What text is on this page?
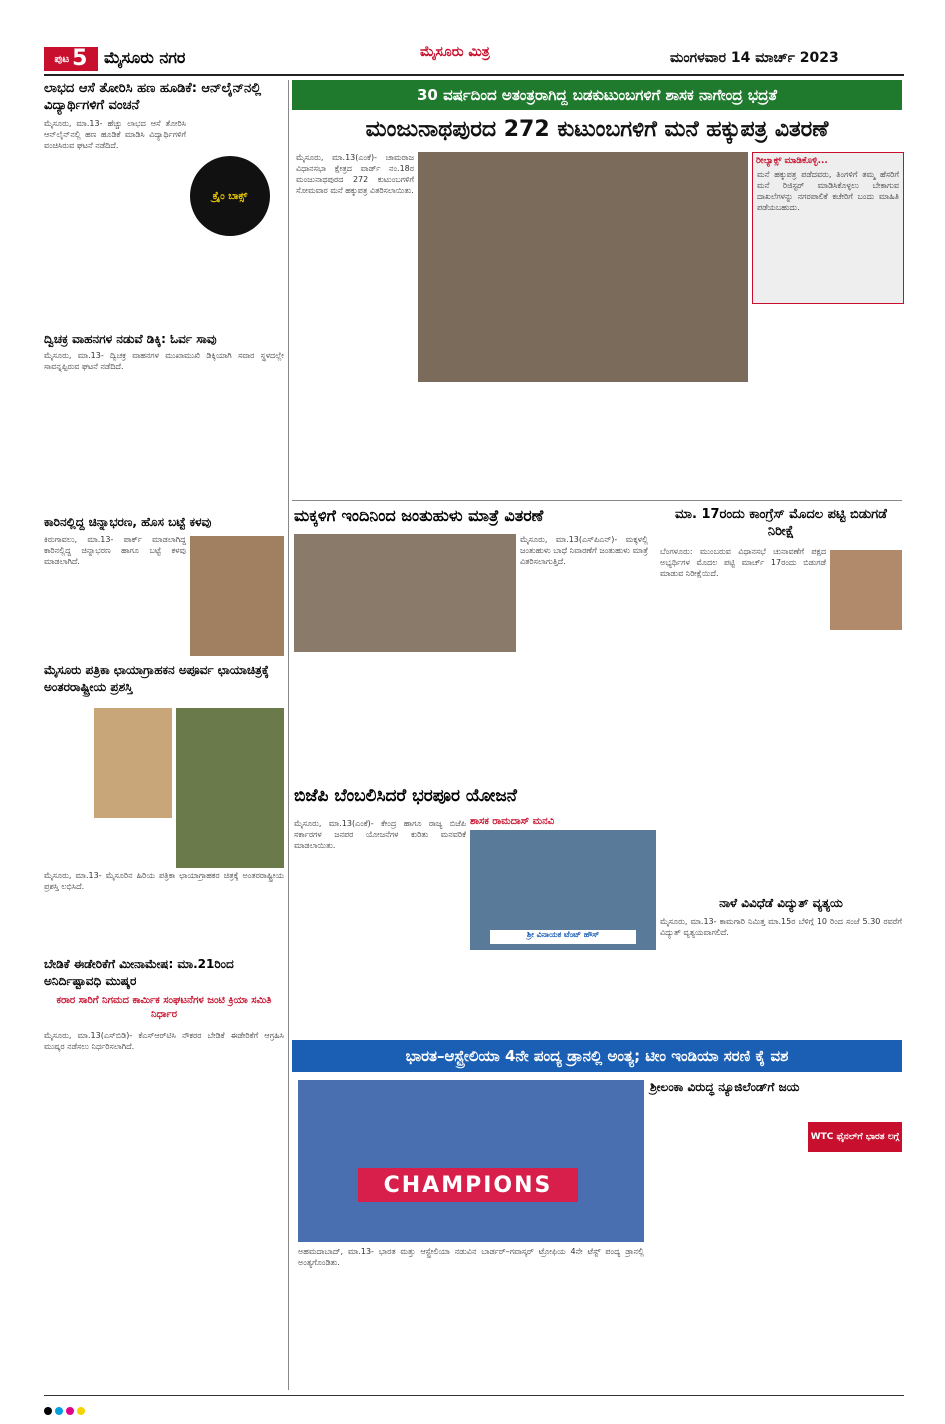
ಪುಟ 5 ಮೈಸೂರು ನಗರ	ಮೈಸೂರು ಮಿತ್ರ	ಮಂಗಳವಾರ 14 ಮಾರ್ಚ್ 2023
30 ವರ್ಷದಿಂದ ಅತಂತ್ರರಾಗಿದ್ದ ಬಡಕುಟುಂಬಗಳಿಗೆ ಶಾಸಕ ನಾಗೇಂದ್ರ ಭದ್ರತೆ
ಮಂಜುನಾಥಪುರದ 272 ಕುಟುಂಬಗಳಿಗೆ ಮನೆ ಹಕ್ಕುಪತ್ರ ವಿತರಣೆ
ಮೈಸೂರು, ಮಾ.13(ಎಂಕೆ)- ಚಾಮರಾಜ ವಿಧಾನಸಭಾ ಕ್ಷೇತ್ರದ ವಾರ್ಡ್ ನಂ.18ರ ಮಂಜುನಾಥಪುರದ 272 ಕುಟುಂಬಗಳಿಗೆ ಸೋಮವಾರ ಮನೆ ಹಕ್ಕುಪತ್ರ ವಿತರಿಸಲಾಯಿತು.
ರೀಲ್ಯಾಕ್ಸ್ ಮಾಡಿಕೊಳ್ಳಿ...
ಮನೆ ಹಕ್ಕುಪತ್ರ ಪಡೆದವರು, ತಿಂಗಳಿಗೆ ತಮ್ಮ ಹೆಸರಿಗೆ ಮನೆ ರಿಜಿಸ್ಟರ್ ಮಾಡಿಸಿಕೊಳ್ಳಲು ಬೇಕಾಗುವ ದಾಖಲೆಗಳನ್ನು ನಗರಪಾಲಿಕೆ ಕಚೇರಿಗೆ ಬಂದು ಮಾಹಿತಿ ಪಡೆಯಬಹುದು.
ಲಾಭದ ಆಸೆ ತೋರಿಸಿ ಹಣ ಹೂಡಿಕೆ: ಆನ್‌ಲೈನ್‌ನಲ್ಲಿ ವಿದ್ಯಾರ್ಥಿಗಳಿಗೆ ವಂಚನೆ
ಕ್ರೈಂ ಬಾಕ್ಸ್
ಮೈಸೂರು, ಮಾ.13- ಹೆಚ್ಚು ಲಾಭದ ಆಸೆ ತೋರಿಸಿ ಆನ್‌ಲೈನ್‌ನಲ್ಲಿ ಹಣ ಹೂಡಿಕೆ ಮಾಡಿಸಿ ವಿದ್ಯಾರ್ಥಿಗಳಿಗೆ ವಂಚಿಸಿರುವ ಘಟನೆ ನಡೆದಿದೆ.
ದ್ವಿಚಕ್ರ ವಾಹನಗಳ ನಡುವೆ ಡಿಕ್ಕಿ: ಓರ್ವ ಸಾವು
ಮೈಸೂರು, ಮಾ.13- ದ್ವಿಚಕ್ರ ವಾಹನಗಳ ಮುಖಾಮುಖಿ ಡಿಕ್ಕಿಯಾಗಿ ಸವಾರ ಸ್ಥಳದಲ್ಲೇ ಸಾವನ್ನಪ್ಪಿರುವ ಘಟನೆ ನಡೆದಿದೆ.
ಕಾರಿನಲ್ಲಿದ್ದ ಚಿನ್ನಾಭರಣ, ಹೊಸ ಬಟ್ಟೆ ಕಳವು
ಕಿರುಗಾವಲು, ಮಾ.13- ಪಾರ್ಕ್ ಮಾಡಲಾಗಿದ್ದ ಕಾರಿನಲ್ಲಿದ್ದ ಚಿನ್ನಾಭರಣ ಹಾಗೂ ಬಟ್ಟೆ ಕಳವು ಮಾಡಲಾಗಿದೆ.
ಮೈಸೂರು ಪತ್ರಿಕಾ ಛಾಯಾಗ್ರಾಹಕನ ಅಪೂರ್ವ ಛಾಯಾಚಿತ್ರಕ್ಕೆ ಅಂತರರಾಷ್ಟ್ರೀಯ ಪ್ರಶಸ್ತಿ
ಮೈಸೂರು, ಮಾ.13- ಮೈಸೂರಿನ ಹಿರಿಯ ಪತ್ರಿಕಾ ಛಾಯಾಗ್ರಾಹಕರ ಚಿತ್ರಕ್ಕೆ ಅಂತರರಾಷ್ಟ್ರೀಯ ಪ್ರಶಸ್ತಿ ಲಭಿಸಿದೆ.
ಬೇಡಿಕೆ ಈಡೇರಿಕೆಗೆ ಮೀನಾಮೇಷ: ಮಾ.21ರಿಂದ ಅನಿರ್ದಿಷ್ಟಾವಧಿ ಮುಷ್ಕರ
ಕರಾರ ಸಾರಿಗೆ ನಿಗಮದ ಕಾರ್ಮಿಕ ಸಂಘಟನೆಗಳ ಜಂಟಿ ಕ್ರಿಯಾ ಸಮಿತಿ ನಿರ್ಧಾರ
ಮೈಸೂರು, ಮಾ.13(ಎಸ್‌ಬಿಡಿ)- ಕೆಎಸ್‌ಆರ್‌ಟಿಸಿ ನೌಕರರ ಬೇಡಿಕೆ ಈಡೇರಿಕೆಗೆ ಆಗ್ರಹಿಸಿ ಮುಷ್ಕರ ನಡೆಸಲು ನಿರ್ಧರಿಸಲಾಗಿದೆ.
ಮಕ್ಕಳಿಗೆ ಇಂದಿನಿಂದ ಜಂತುಹುಳು ಮಾತ್ರೆ ವಿತರಣೆ
ಮೈಸೂರು, ಮಾ.13(ಎಸ್‌ಪಿಎನ್)- ಮಕ್ಕಳಲ್ಲಿ ಜಂತುಹುಳು ಬಾಧೆ ನಿವಾರಣೆಗೆ ಜಂತುಹುಳು ಮಾತ್ರೆ ವಿತರಿಸಲಾಗುತ್ತಿದೆ.
ಮಾ. 17ರಂದು ಕಾಂಗ್ರೆಸ್ ಮೊದಲ ಪಟ್ಟಿ ಬಿಡುಗಡೆ ನಿರೀಕ್ಷೆ
ಬೆಂಗಳೂರು: ಮುಂಬರುವ ವಿಧಾನಸಭೆ ಚುನಾವಣೆಗೆ ಪಕ್ಷದ ಅಭ್ಯರ್ಥಿಗಳ ಮೊದಲ ಪಟ್ಟಿ ಮಾರ್ಚ್ 17ರಂದು ಬಿಡುಗಡೆ ಮಾಡುವ ನಿರೀಕ್ಷೆಯಿದೆ.
ಬಿಜೆಪಿ ಬೆಂಬಲಿಸಿದರೆ ಭರಪೂರ ಯೋಜನೆ
ಶಾಸಕ ರಾಮದಾಸ್ ಮನವಿ
ಮೈಸೂರು, ಮಾ.13(ಎಂಕೆ)- ಕೇಂದ್ರ ಹಾಗೂ ರಾಜ್ಯ ಬಿಜೆಪಿ ಸರ್ಕಾರಗಳ ಜನಪರ ಯೋಜನೆಗಳ ಕುರಿತು ಮನವರಿಕೆ ಮಾಡಲಾಯಿತು.
ಶ್ರೀ ವಿನಾಯಕ ಟೆಂಟ್ ಹೌಸ್
ನಾಳೆ ವಿವಿಧೆಡೆ ವಿದ್ಯುತ್ ವ್ಯತ್ಯಯ
ಮೈಸೂರು, ಮಾ.13- ಕಾಮಗಾರಿ ನಿಮಿತ್ತ ಮಾ.15ರ ಬೆಳಿಗ್ಗೆ 10 ರಿಂದ ಸಂಜೆ 5.30 ರವರೆಗೆ ವಿದ್ಯುತ್ ವ್ಯತ್ಯಯವಾಗಲಿದೆ.
ಭಾರತ–ಆಸ್ಟ್ರೇಲಿಯಾ 4ನೇ ಪಂದ್ಯ ಡ್ರಾನಲ್ಲಿ ಅಂತ್ಯ; ಟೀಂ ಇಂಡಿಯಾ ಸರಣಿ ಕೈ ವಶ
CHAMPIONS
ಅಹಮದಾಬಾದ್, ಮಾ.13- ಭಾರತ ಮತ್ತು ಆಸ್ಟ್ರೇಲಿಯಾ ನಡುವಿನ ಬಾರ್ಡರ್–ಗವಾಸ್ಕರ್ ಟ್ರೋಫಿಯ 4ನೇ ಟೆಸ್ಟ್ ಪಂದ್ಯ ಡ್ರಾನಲ್ಲಿ ಅಂತ್ಯಗೊಂಡಿತು.
ಶ್ರೀಲಂಕಾ ವಿರುದ್ಧ ನ್ಯೂಜಿಲೆಂಡ್‌ಗೆ ಜಯ
WTC ಫೈನಲ್‌ಗೆ ಭಾರತ ಲಗ್ಗೆ
